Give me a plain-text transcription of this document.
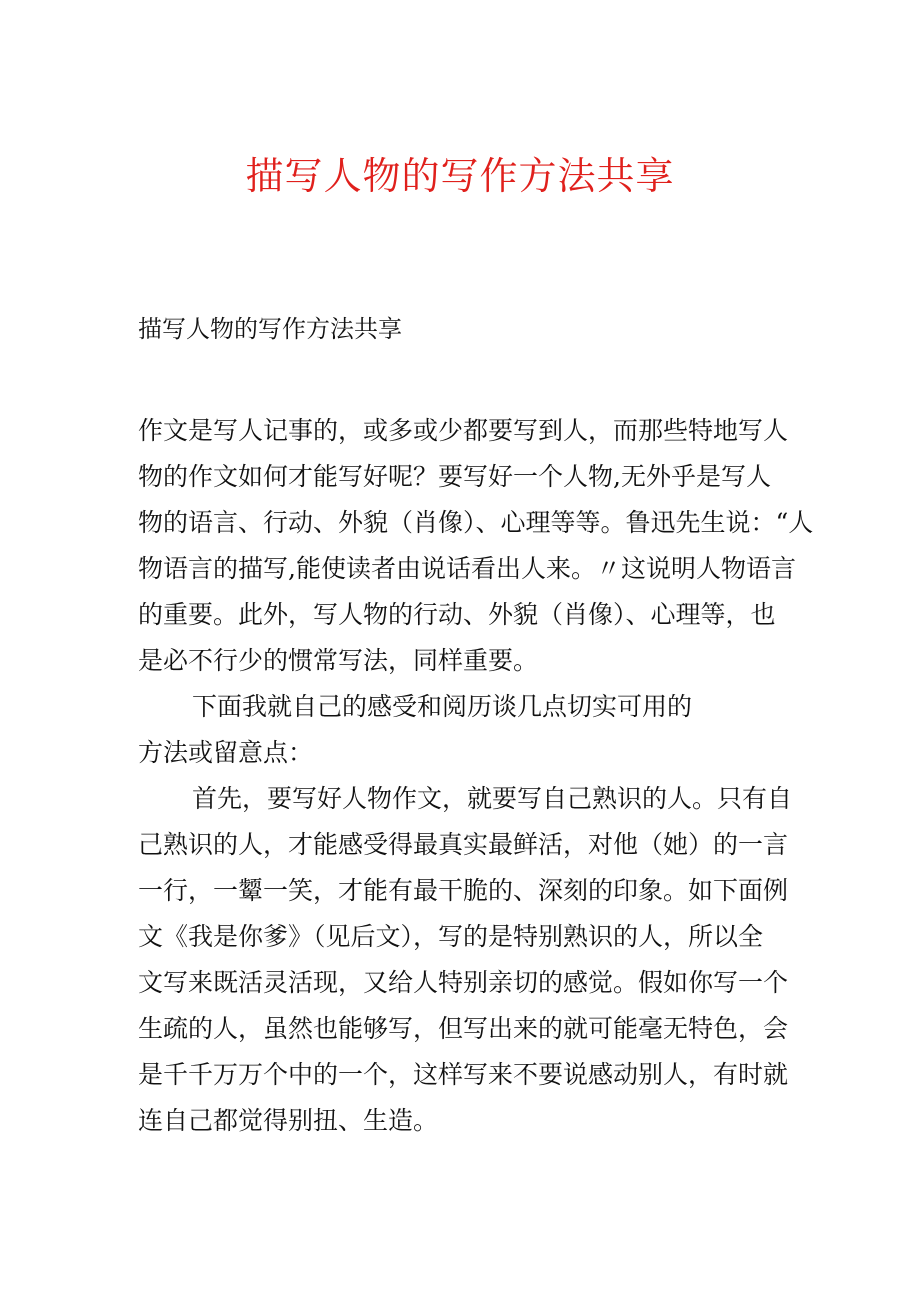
描写人物的写作方法共享

描写人物的写作方法共享

作文是写人记事的，或多或少都要写到人，而那些特地写人
物的作文如何才能写好呢？要写好一个人物,无外乎是写人
物的语言、行动、外貌（肖像）、心理等等。鲁迅先生说：“人
物语言的描写,能使读者由说话看出人来。〃这说明人物语言
的重要。此外，写人物的行动、外貌（肖像）、心理等，也
是必不行少的惯常写法，同样重要。

下面我就自己的感受和阅历谈几点切实可用的
方法或留意点：

首先，要写好人物作文，就要写自己熟识的人。只有自
己熟识的人，才能感受得最真实最鲜活，对他（她）的一言
一行，一颦一笑，才能有最干脆的、深刻的印象。如下面例
文《我是你爹》（见后文），写的是特别熟识的人，所以全
文写来既活灵活现，又给人特别亲切的感觉。假如你写一个
生疏的人，虽然也能够写，但写出来的就可能毫无特色，会
是千千万万个中的一个，这样写来不要说感动别人，有时就
连自己都觉得别扭、生造。
